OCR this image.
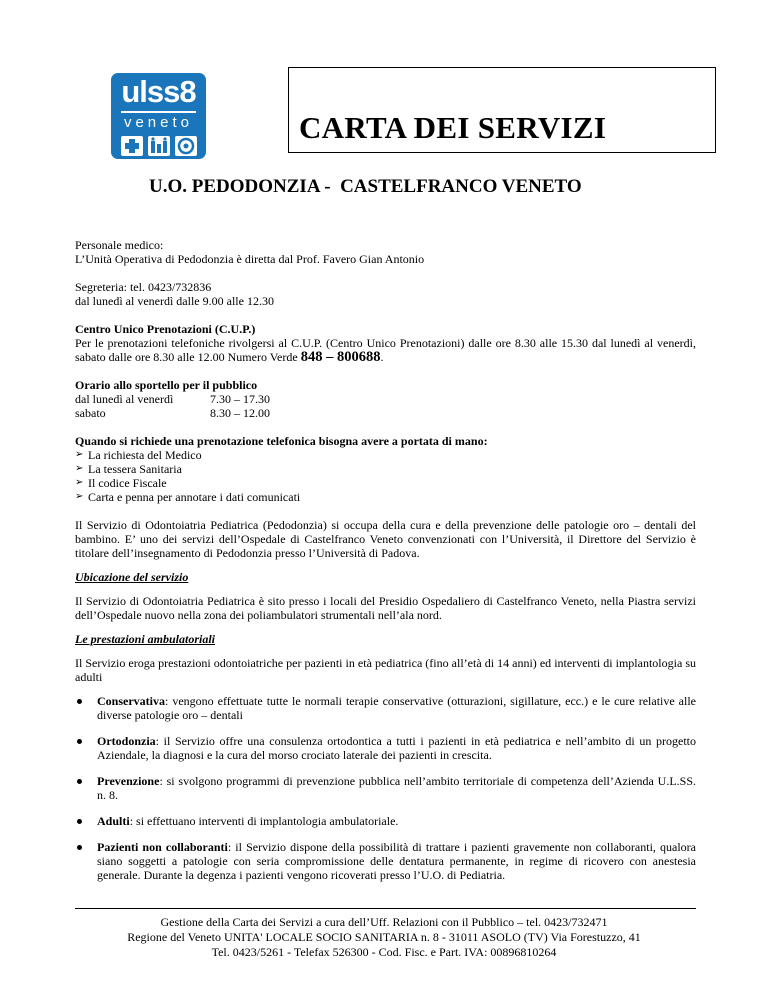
ulss8
veneto	CARTA DEI SERVIZI
U.O. PEDODONZIA -  CASTELFRANCO VENETO

Personale medico:

L’Unità Operativa di Pedodonzia è diretta dal Prof. Favero Gian Antonio

Segreteria: tel. 0423/732836

dal lunedì al venerdì dalle 9.00 alle 12.30

Centro Unico Prenotazioni (C.U.P.)

Per le prenotazioni telefoniche rivolgersi al C.U.P. (Centro Unico Prenotazioni) dalle ore 8.30 alle 15.30 dal lunedì al venerdì, sabato dalle ore 8.30 alle 12.00 Numero Verde 848 – 800688.

Orario allo sportello per il pubblico

dal lunedì al venerdì	7.30 – 17.30
sabato	8.30 – 12.00

Quando si richiede una prenotazione telefonica bisogna avere a portata di mano:

➢ La richiesta del Medico
➢ La tessera Sanitaria
➢ Il codice Fiscale
➢ Carta e penna per annotare i dati comunicati

Il Servizio di Odontoiatria Pediatrica (Pedodonzia) si occupa della cura e della prevenzione delle patologie oro – dentali del bambino. E’ uno dei servizi dell’Ospedale di Castelfranco Veneto convenzionati con l’Università, il Direttore del Servizio è titolare dell’insegnamento di Pedodonzia presso l’Università di Padova.

Ubicazione del servizio

Il Servizio di Odontoiatria Pediatrica è sito presso i locali del Presidio Ospedaliero di Castelfranco Veneto, nella Piastra servizi dell’Ospedale nuovo nella zona dei poliambulatori strumentali nell’ala nord.

Le prestazioni ambulatoriali

Il Servizio eroga prestazioni odontoiatriche per pazienti in età pediatrica (fino all’età di 14 anni) ed interventi di implantologia su adulti

Conservativa: vengono effettuate tutte le normali terapie conservative (otturazioni, sigillature, ecc.) e le cure relative alle diverse patologie oro – dentali
Ortodonzia: il Servizio offre una consulenza ortodontica a tutti i pazienti in età pediatrica e nell’ambito di un progetto Aziendale, la diagnosi e la cura del morso crociato laterale dei pazienti in crescita.
Prevenzione: si svolgono programmi di prevenzione pubblica nell’ambito territoriale di competenza dell’Azienda U.L.SS. n. 8.
Adulti: si effettuano interventi di implantologia ambulatoriale.
Pazienti non collaboranti: il Servizio dispone della possibilità di trattare i pazienti gravemente non collaboranti, qualora siano soggetti a patologie con seria compromissione delle dentatura permanente, in regime di ricovero con anestesia generale. Durante la degenza i pazienti vengono ricoverati presso l’U.O. di Pediatria.
Gestione della Carta dei Servizi a cura dell’Uff. Relazioni con il Pubblico – tel. 0423/732471
Regione del Veneto UNITA' LOCALE SOCIO SANITARIA n. 8 - 31011 ASOLO (TV) Via Forestuzzo, 41
Tel. 0423/5261 - Telefax 526300 - Cod. Fisc. e Part. IVA: 00896810264
